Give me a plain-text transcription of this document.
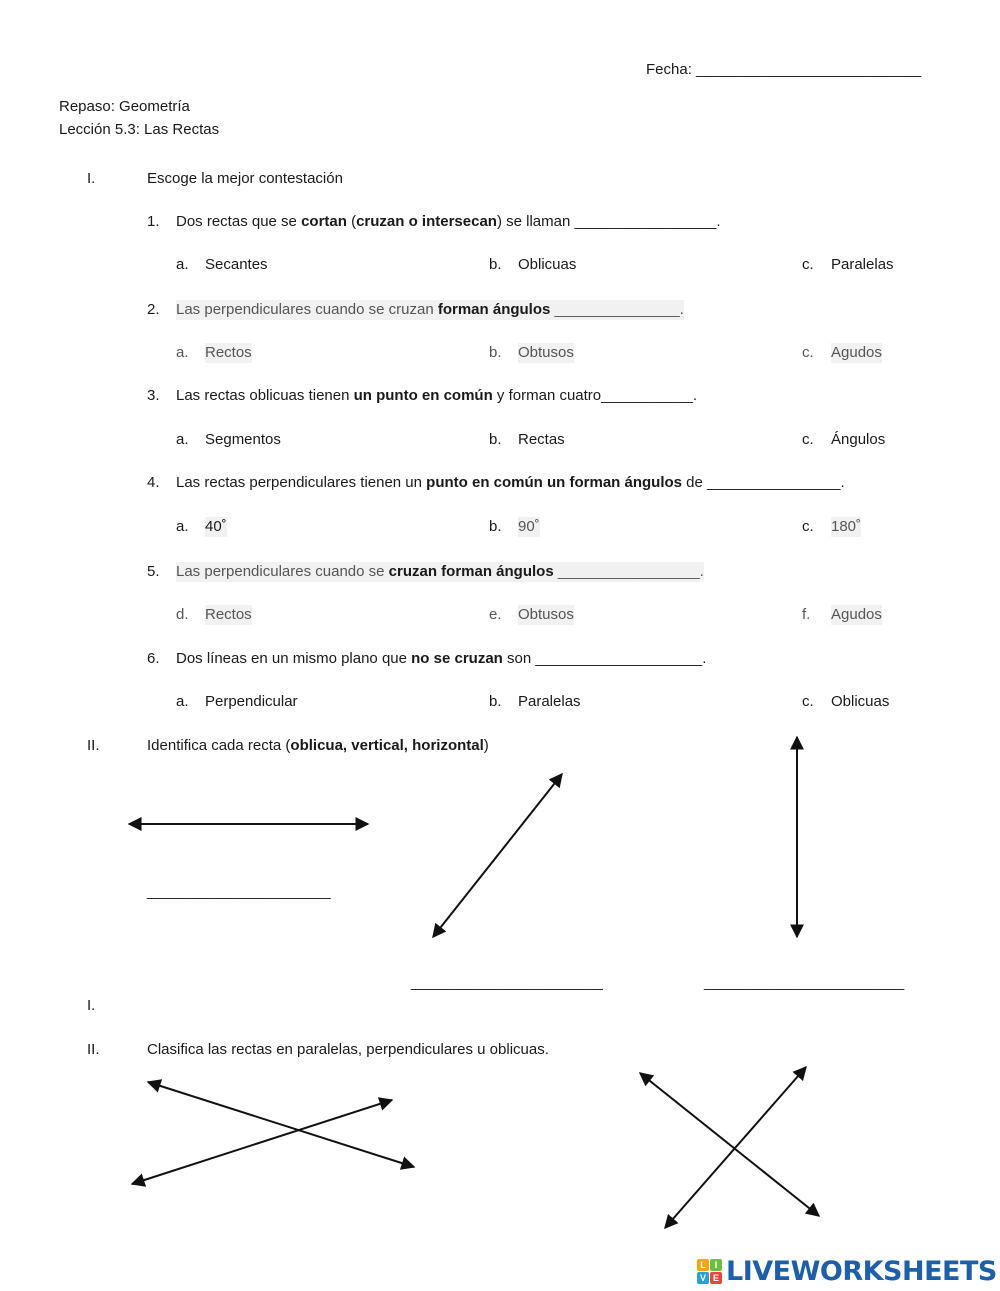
Fecha: ___________________________
Repaso: Geometría
Lección 5.3: Las Rectas
I.	Escoge la mejor contestación
1. Dos rectas que se cortan (cruzan o intersecan) se llaman _________________.
a. Secantes	b. Oblicuas	c. Paralelas
2. Las perpendiculares cuando se cruzan forman ángulos _______________.
a. Rectos	b. Obtusos	c. Agudos
3. Las rectas oblicuas tienen un punto en común y forman cuatro___________.
a. Segmentos	b. Rectas	c. Ángulos
4. Las rectas perpendiculares tienen un punto en común un forman ángulos de ________________.
a. 40˚	b. 90˚	c. 180˚
5. Las perpendiculares cuando se cruzan forman ángulos _________________.
d. Rectos	e. Obtusos	f. Agudos
6. Dos líneas en un mismo plano que no se cruzan son ____________________.
a. Perpendicular	b. Paralelas	c. Oblicuas
II.	Identifica cada recta (oblicua, vertical, horizontal)
______________________
_______________________	________________________
I.
II.	Clasifica las rectas en paralelas, perpendiculares u oblicuas.
L I
V E LIVEWORKSHEETS
